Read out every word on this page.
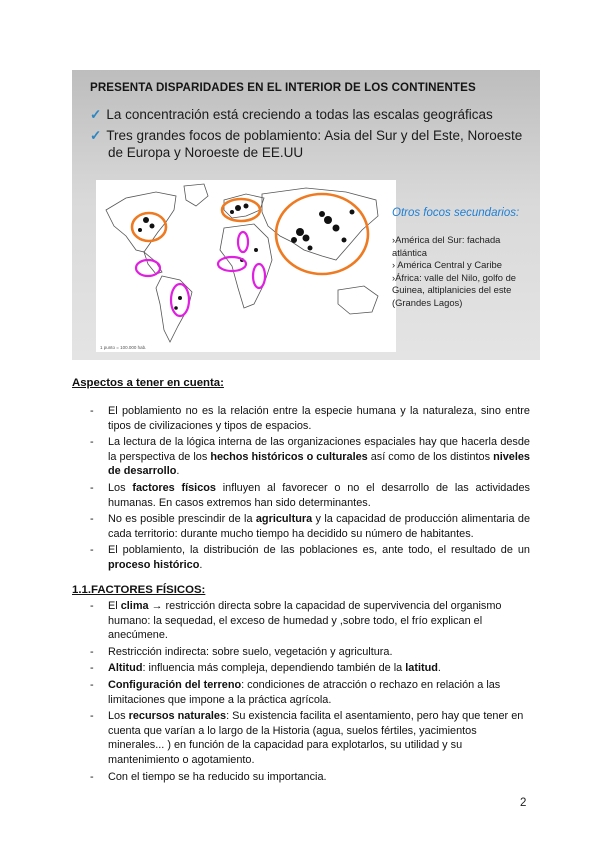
PRESENTA DISPARIDADES EN EL INTERIOR DE LOS CONTINENTES
✓ La concentración está creciendo a todas las escalas geográficas
✓ Tres grandes focos de poblamiento: Asia del Sur y del Este, Noroeste
de Europa y Noroeste de EE.UU
1 punto = 100.000 hab.
Otros focos secundarios:
›América del Sur: fachada atlántica
› América Central y Caribe
›África: valle del Nilo, golfo de Guinea, altiplanicies del este (Grandes Lagos)
Aspectos a tener en cuenta:
- El poblamiento no es la relación entre la especie humana y la naturaleza, sino entre tipos de civilizaciones y tipos de espacios.
- La lectura de la lógica interna de las organizaciones espaciales hay que hacerla desde la perspectiva de los hechos históricos o culturales así como de los distintos niveles de desarrollo.
- Los factores físicos influyen al favorecer o no el desarrollo de las actividades humanas. En casos extremos han sido determinantes.
- No es posible prescindir de la agricultura y la capacidad de producción alimentaria de cada territorio: durante mucho tiempo ha decidido su número de habitantes.
- El poblamiento, la distribución de las poblaciones es, ante todo, el resultado de un proceso histórico.
1.1.FACTORES FÍSICOS:
- El clima → restricción directa sobre la capacidad de supervivencia del organismo humano: la sequedad, el exceso de humedad y ,sobre todo, el frío explican el anecúmene.
- Restricción indirecta: sobre suelo, vegetación y agricultura.
- Altitud: influencia más compleja, dependiendo también de la latitud.
- Configuración del terreno: condiciones de atracción o rechazo en relación a las limitaciones que impone a la práctica agrícola.
- Los recursos naturales: Su existencia facilita el asentamiento, pero hay que tener en cuenta que varían a lo largo de la Historia (agua, suelos fértiles, yacimientos minerales... ) en función de la capacidad para explotarlos, su utilidad y su mantenimiento o agotamiento.
- Con el tiempo se ha reducido su importancia.
2
